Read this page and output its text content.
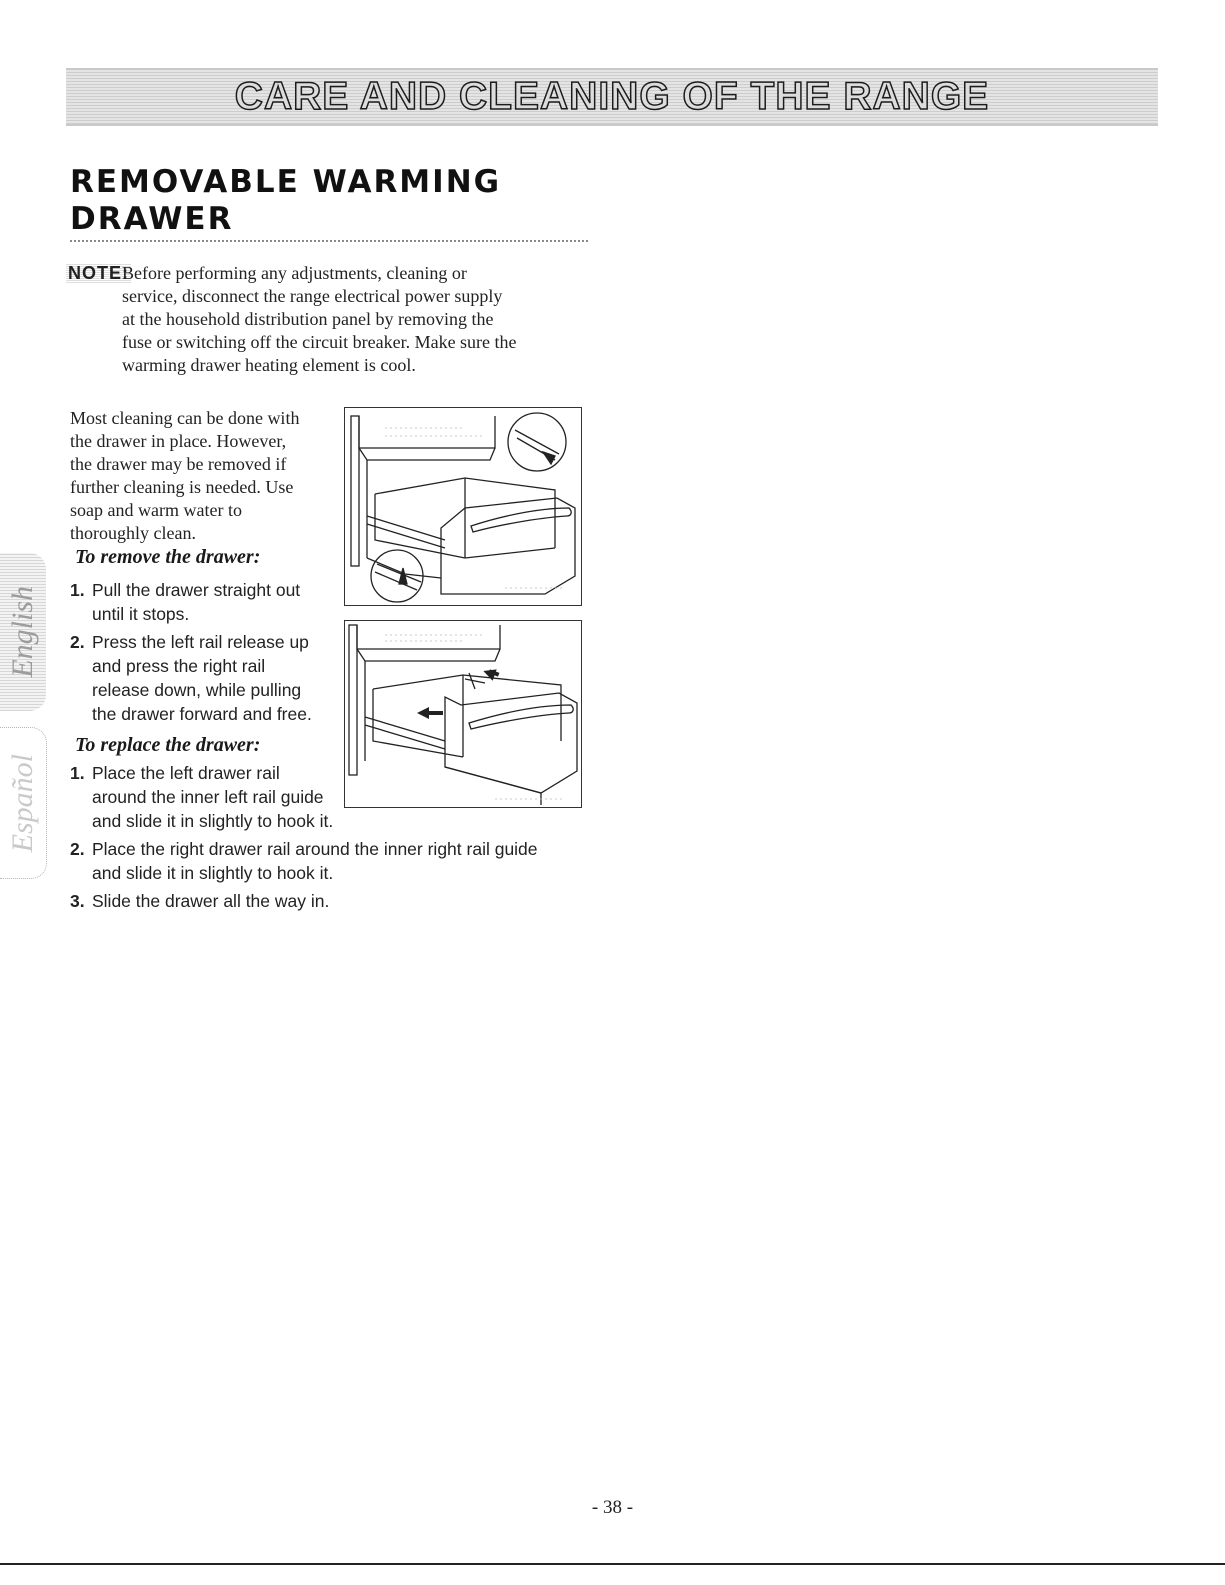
CARE AND CLEANING OF THE RANGE
REMOVABLE WARMING
DRAWER
NOTE:
Before performing any adjustments, cleaning or
service, disconnect the range electrical power supply
at the household distribution panel by removing the
fuse or switching off the circuit breaker. Make sure the
warming drawer heating element is cool.
Most cleaning can be done with
the drawer in place. However,
the drawer may be removed if
further cleaning is needed. Use
soap and warm water to
thoroughly clean.
To remove the drawer:
1. Pull the drawer straight out
until it stops.
2. Press the left rail release up
and press the right rail
release down, while pulling
the drawer forward and free.
To replace the drawer:
1. Place the left drawer rail
around the inner left rail guide
and slide it in slightly to hook it.
2. Place the right drawer rail around the inner right rail guide
and slide it in slightly to hook it.
3. Slide the drawer all the way in.
English
Español
- 38 -
